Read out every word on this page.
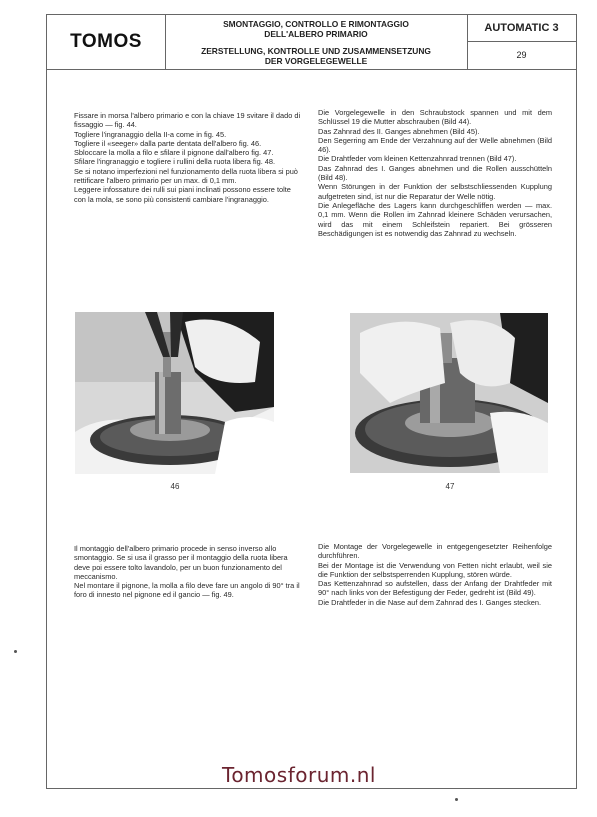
TOMOS
SMONTAGGIO, CONTROLLO E RIMONTAGGIO
DELL'ALBERO PRIMARIO
ZERSTELLUNG, KONTROLLE UND ZUSAMMENSETZUNG
DER VORGELEGEWELLE
AUTOMATIC 3
29

Fissare in morsa l'albero primario e con la chiave 19 svitare il dado di fissaggio — fig. 44.

Togliere l'ingranaggio della II-a come in fig. 45.

Togliere il «seeger» dalla parte dentata dell'albero fig. 46.

Sbloccare la molla a filo e sfilare il pignone dall'albero fig. 47.

Sfilare l'ingranaggio e togliere i rullini della ruota libera fig. 48.

Se si notano imperfezioni nel funzionamento della ruota libera si può rettificare l'albero primario per un max. di 0,1 mm.

Leggere infossature dei rulli sui piani inclinati possono essere tolte con la mola, se sono più consistenti cambiare l'ingranaggio.

Die Vorgelegewelle in den Schraubstock spannen und mit dem Schlüssel 19 die Mutter abschrauben (Bild 44).

Das Zahnrad des II. Ganges abnehmen (Bild 45).

Den Segerring am Ende der Verzahnung auf der Welle abnehmen (Bild 46).

Die Drahtfeder vom kleinen Kettenzahnrad trennen (Bild 47).

Das Zahnrad des I. Ganges abnehmen und die Rollen ausschütteln (Bild 48).

Wenn Störungen in der Funktion der selbstschliessenden Kupplung aufgetreten sind, ist nur die Reparatur der Welle nötig.

Die Anlegefläche des Lagers kann durchgeschliffen werden — max. 0,1 mm. Wenn die Rollen im Zahnrad kleinere Schäden verursachen, wird das mit einem Schleifstein repariert. Bei grösseren Beschädigungen ist es notwendig das Zahnrad zu wechseln.

46	47

Il montaggio dell'albero primario procede in senso inverso allo smontaggio. Se si usa il grasso per il montaggio della ruota libera deve poi essere tolto lavandolo, per un buon funzionamento del meccanismo.

Nel montare il pignone, la molla a filo deve fare un angolo di 90° tra il foro di innesto nel pignone ed il gancio — fig. 49.

Die Montage der Vorgelegewelle in entgegengesetzter Reihenfolge durchführen.

Bei der Montage ist die Verwendung von Fetten nicht erlaubt, weil sie die Funktion der selbstsperrenden Kupplung, stören würde.

Das Kettenzahnrad so aufstellen, dass der Anfang der Drahtfeder mit 90° nach links von der Befestigung der Feder, gedreht ist (Bild 49).

Die Drahtfeder in die Nase auf dem Zahnrad des I. Ganges stecken.

Tomosforum.nl
